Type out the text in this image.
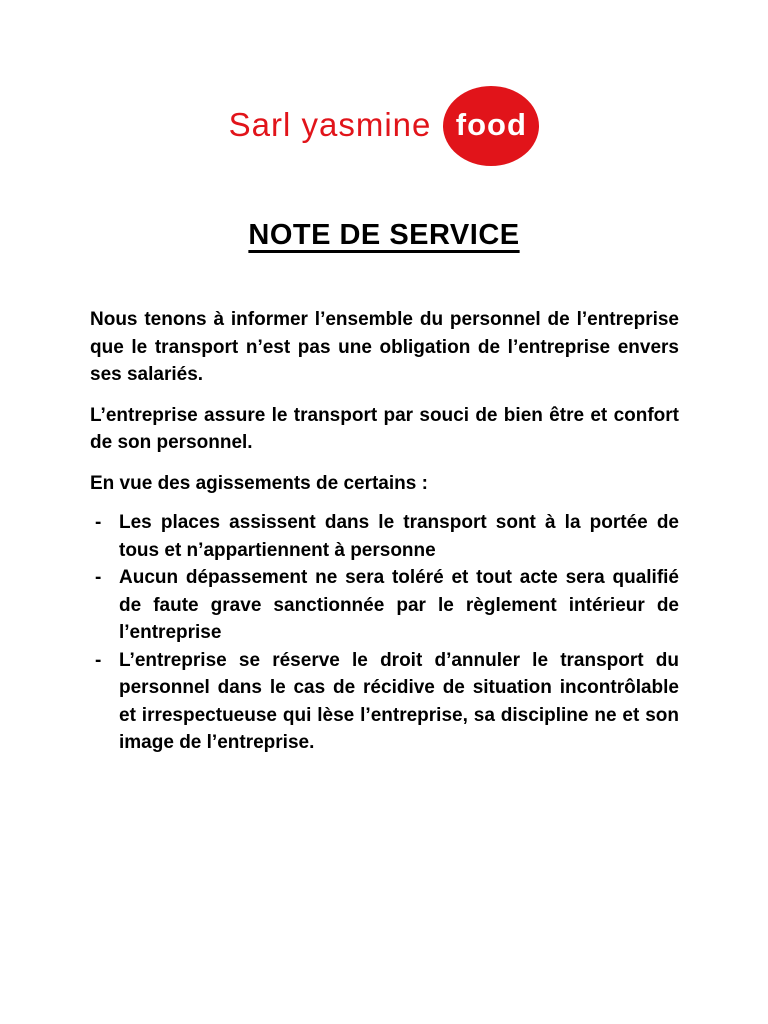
Sarl yasmine food
NOTE DE SERVICE

Nous tenons à informer l’ensemble du personnel de l’entreprise que le transport n’est pas une obligation de l’entreprise envers ses salariés.

L’entreprise assure le transport par souci de bien être et confort de son personnel.

En vue des agissements de certains :

- Les places assissent dans le transport sont à la portée de tous et n’appartiennent à personne
- Aucun dépassement ne sera toléré et tout acte sera qualifié de faute grave sanctionnée par le règlement intérieur de l’entreprise
- L’entreprise se réserve le droit d’annuler le transport du personnel dans le cas de récidive de situation incontrôlable et irrespectueuse qui lèse l’entreprise, sa discipline ne et son image de l’entreprise.
